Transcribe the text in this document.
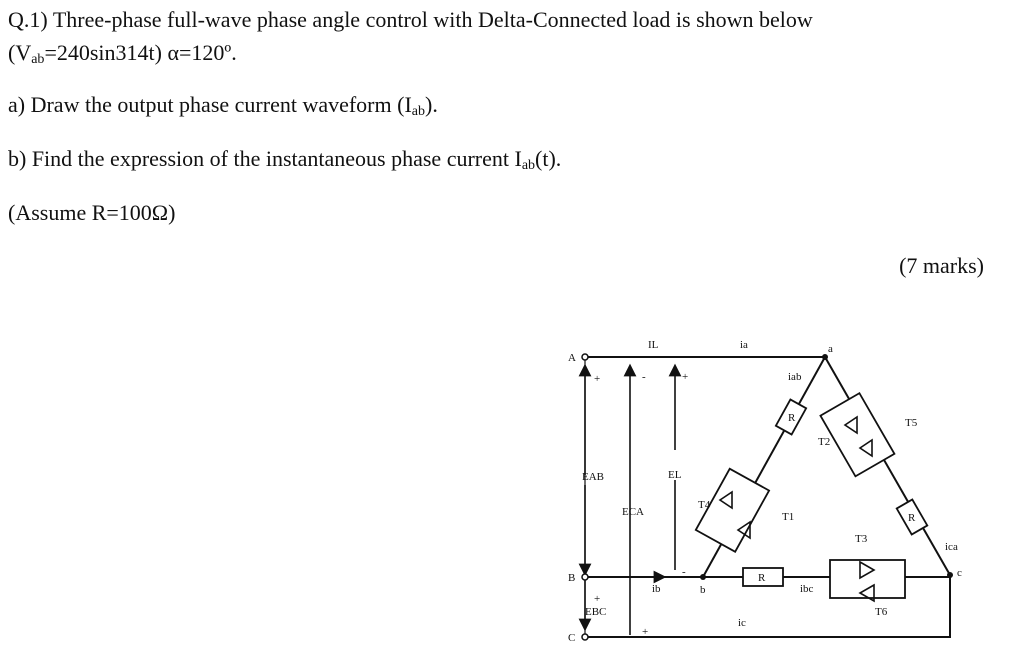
Q.1) Three-phase full-wave phase angle control with Delta-Connected load is shown below
$(V_{ab}=240\sin 314t)$ α=120º.
a) Draw the output phase current waveform $(I_{ab})$.
b) Find the expression of the instantaneous phase current $I_{ab}(t)$.
(Assume R=100Ω)
(7 marks)
A
B
C
a
b
c
IL	ia
iab
ibc
ica
ib
ic
EAB
EBC
ECA
EL
R
R
R
T1
T2
T3
T4
T5
T6
+	-	+
+
+
-
